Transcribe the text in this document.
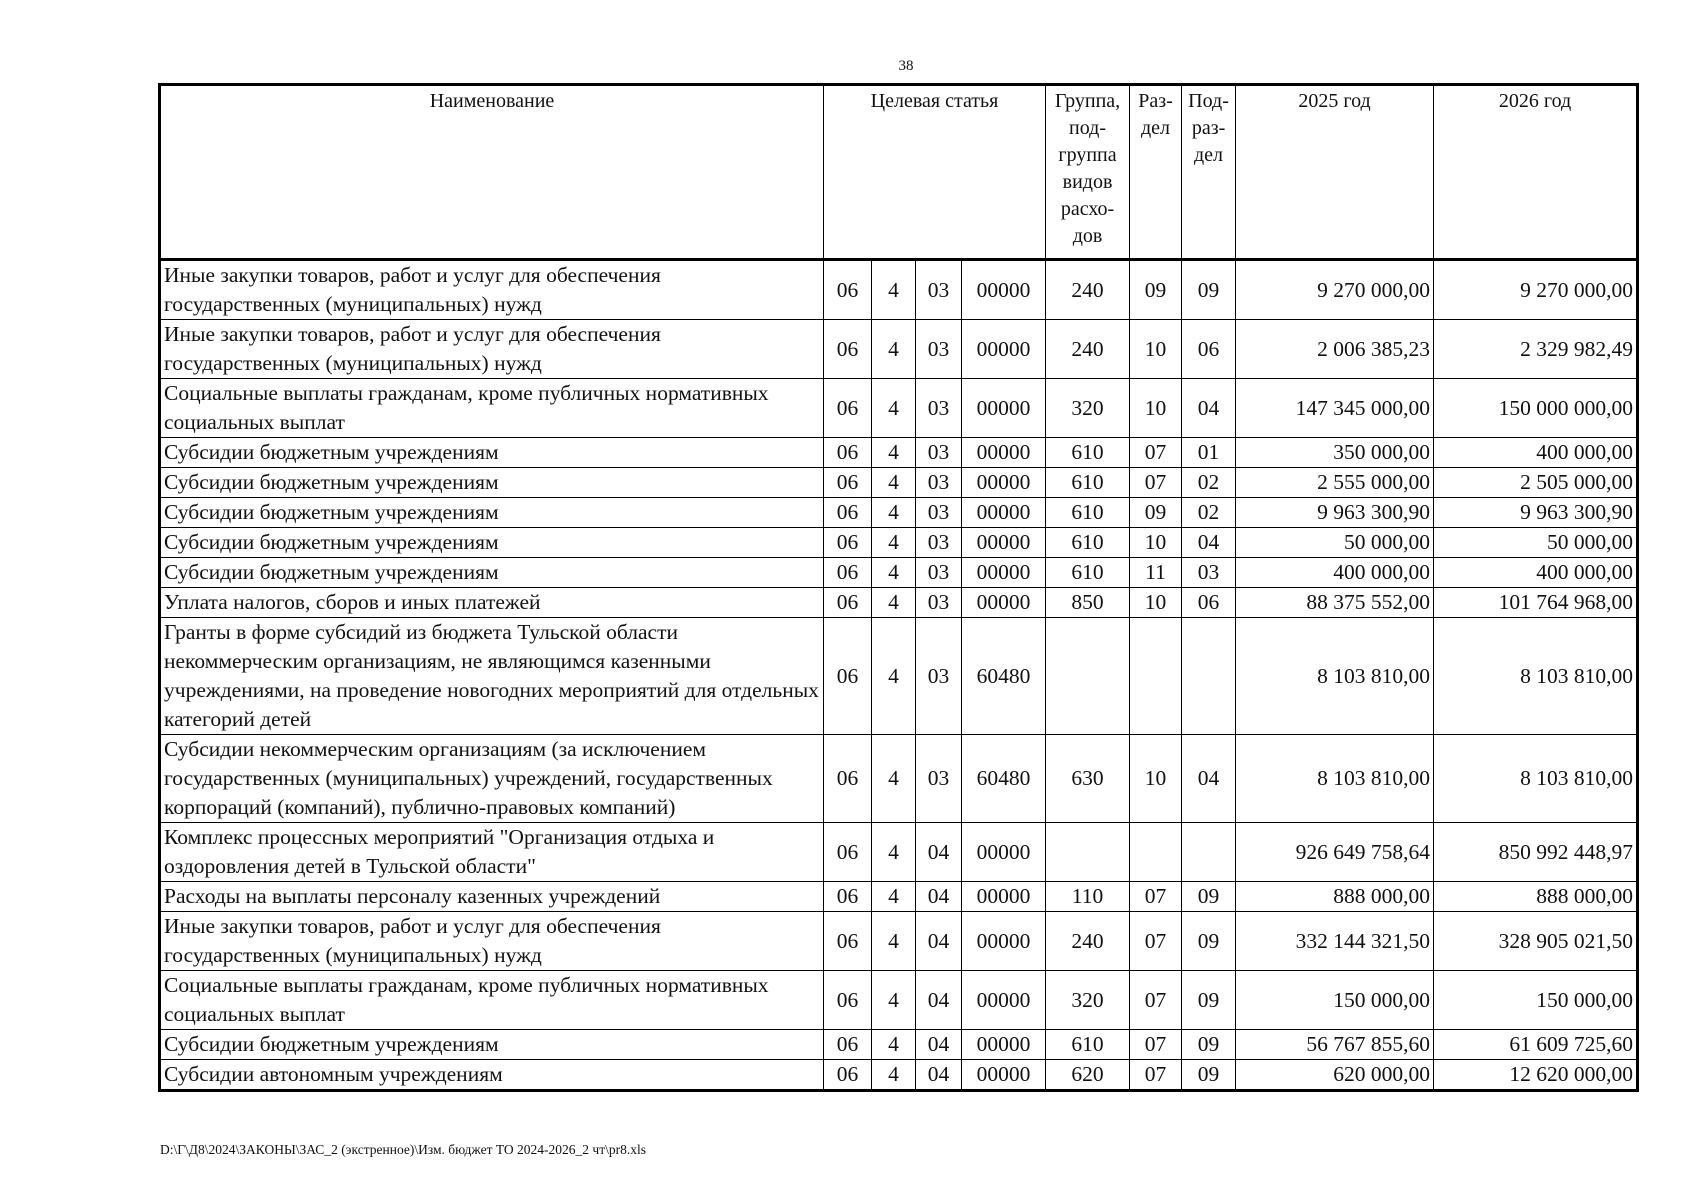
38
Наименование	Целевая статья				Группа, под-группа видов расхо-дов	Раз-дел	Под-раз-дел	2025 год	2026 год
Иные закупки товаров, работ и услуг для обеспечения государственных (муниципальных) нужд	06	4	03	00000	240	09	09	9 270 000,00	9 270 000,00
Иные закупки товаров, работ и услуг для обеспечения государственных (муниципальных) нужд	06	4	03	00000	240	10	06	2 006 385,23	2 329 982,49
Социальные выплаты гражданам, кроме публичных нормативных социальных выплат	06	4	03	00000	320	10	04	147 345 000,00	150 000 000,00
Субсидии бюджетным учреждениям	06	4	03	00000	610	07	01	350 000,00	400 000,00
Субсидии бюджетным учреждениям	06	4	03	00000	610	07	02	2 555 000,00	2 505 000,00
Субсидии бюджетным учреждениям	06	4	03	00000	610	09	02	9 963 300,90	9 963 300,90
Субсидии бюджетным учреждениям	06	4	03	00000	610	10	04	50 000,00	50 000,00
Субсидии бюджетным учреждениям	06	4	03	00000	610	11	03	400 000,00	400 000,00
Уплата налогов, сборов и иных платежей	06	4	03	00000	850	10	06	88 375 552,00	101 764 968,00
Гранты в форме субсидий из бюджета Тульской области некоммерческим организациям, не являющимся казенными учреждениями, на проведение новогодних мероприятий для отдельных категорий детей	06	4	03	60480				8 103 810,00	8 103 810,00
Субсидии некоммерческим организациям (за исключением государственных (муниципальных) учреждений, государственных корпораций (компаний), публично-правовых компаний)	06	4	03	60480	630	10	04	8 103 810,00	8 103 810,00
Комплекс процессных мероприятий "Организация отдыха и оздоровления детей в Тульской области"	06	4	04	00000				926 649 758,64	850 992 448,97
Расходы на выплаты персоналу казенных учреждений	06	4	04	00000	110	07	09	888 000,00	888 000,00
Иные закупки товаров, работ и услуг для обеспечения государственных (муниципальных) нужд	06	4	04	00000	240	07	09	332 144 321,50	328 905 021,50
Социальные выплаты гражданам, кроме публичных нормативных социальных выплат	06	4	04	00000	320	07	09	150 000,00	150 000,00
Субсидии бюджетным учреждениям	06	4	04	00000	610	07	09	56 767 855,60	61 609 725,60
Субсидии автономным учреждениям	06	4	04	00000	620	07	09	620 000,00	12 620 000,00
D:\Г\Д8\2024\ЗАКОНЫ\ЗАС_2 (экстренное)\Изм. бюджет ТО 2024-2026_2 чт\pr8.xls
